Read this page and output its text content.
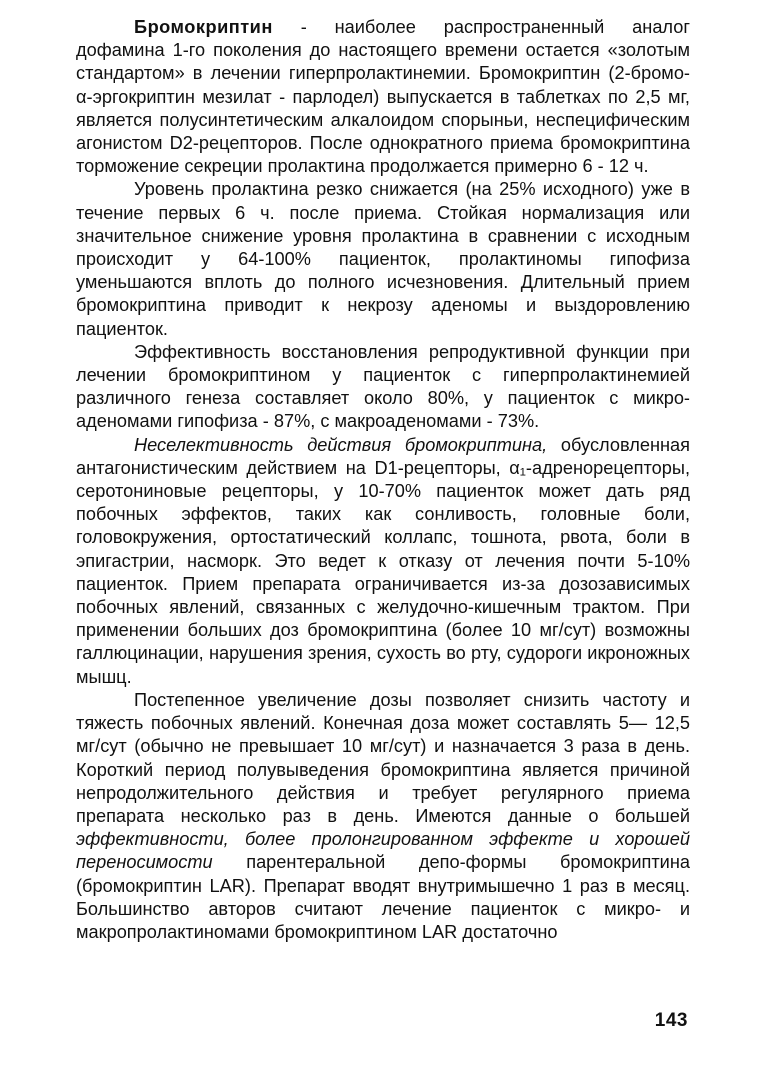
Бромокриптин - наиболее распространенный аналог дофамина 1-го поколения до настоящего времени остается «золотым стандартом» в лечении гиперпролактинемии. Бромокриптин (2-бромо-α-эргокриптин мезилат - парлодел) выпускается в таблетках по 2,5 мг, является полусинтетическим алкалоидом спорыньи, неспецифическим агонистом D2-рецепторов. После однократного приема бромокриптина торможение секреции пролактина продолжается примерно 6 - 12 ч.

Уровень пролактина резко снижается (на 25% исходного) уже в течение первых 6 ч. после приема. Стойкая нормализация или значительное снижение уровня пролактина в сравнении с исходным происходит у 64-100% пациенток, пролактиномы гипофиза уменьшаются вплоть до полного исчезновения. Длительный прием бромокриптина приводит к некрозу аденомы и выздоровлению пациенток.

Эффективность восстановления репродуктивной функции при лечении бромокриптином у пациенток с гиперпролактинемией различного генеза составляет около 80%, у пациенток с микро-аденомами гипофиза - 87%, с макроаденомами - 73%.

Неселективность действия бромокриптина, обусловленная антагонистическим действием на D1-рецепторы, α₁-адренорецепторы, серотониновые рецепторы, у 10-70% пациенток может дать ряд побочных эффектов, таких как сонливость, головные боли, головокружения, ортостатический коллапс, тошнота, рвота, боли в эпигастрии, насморк. Это ведет к отказу от лечения почти 5-10% пациенток. Прием препарата ограничивается из-за дозозависимых побочных явлений, связанных с желудочно-кишечным трактом. При применении больших доз бромокриптина (более 10 мг/сут) возможны галлюцинации, нарушения зрения, сухость во рту, судороги икроножных мышц.

Постепенное увеличение дозы позволяет снизить частоту и тяжесть побочных явлений. Конечная доза может составлять 5— 12,5 мг/сут (обычно не превышает 10 мг/сут) и назначается 3 раза в день. Короткий период полувыведения бромокриптина является причиной непродолжительного действия и требует регулярного приема препарата несколько раз в день. Имеются данные о большей эффективности, более пролонгированном эффекте и хорошей переносимости парентеральной депо-формы бромокриптина (бромокриптин LAR). Препарат вводят внутримышечно 1 раз в месяц. Большинство авторов считают лечение пациенток с микро- и макропролактиномами бромокриптином LAR достаточно

143
